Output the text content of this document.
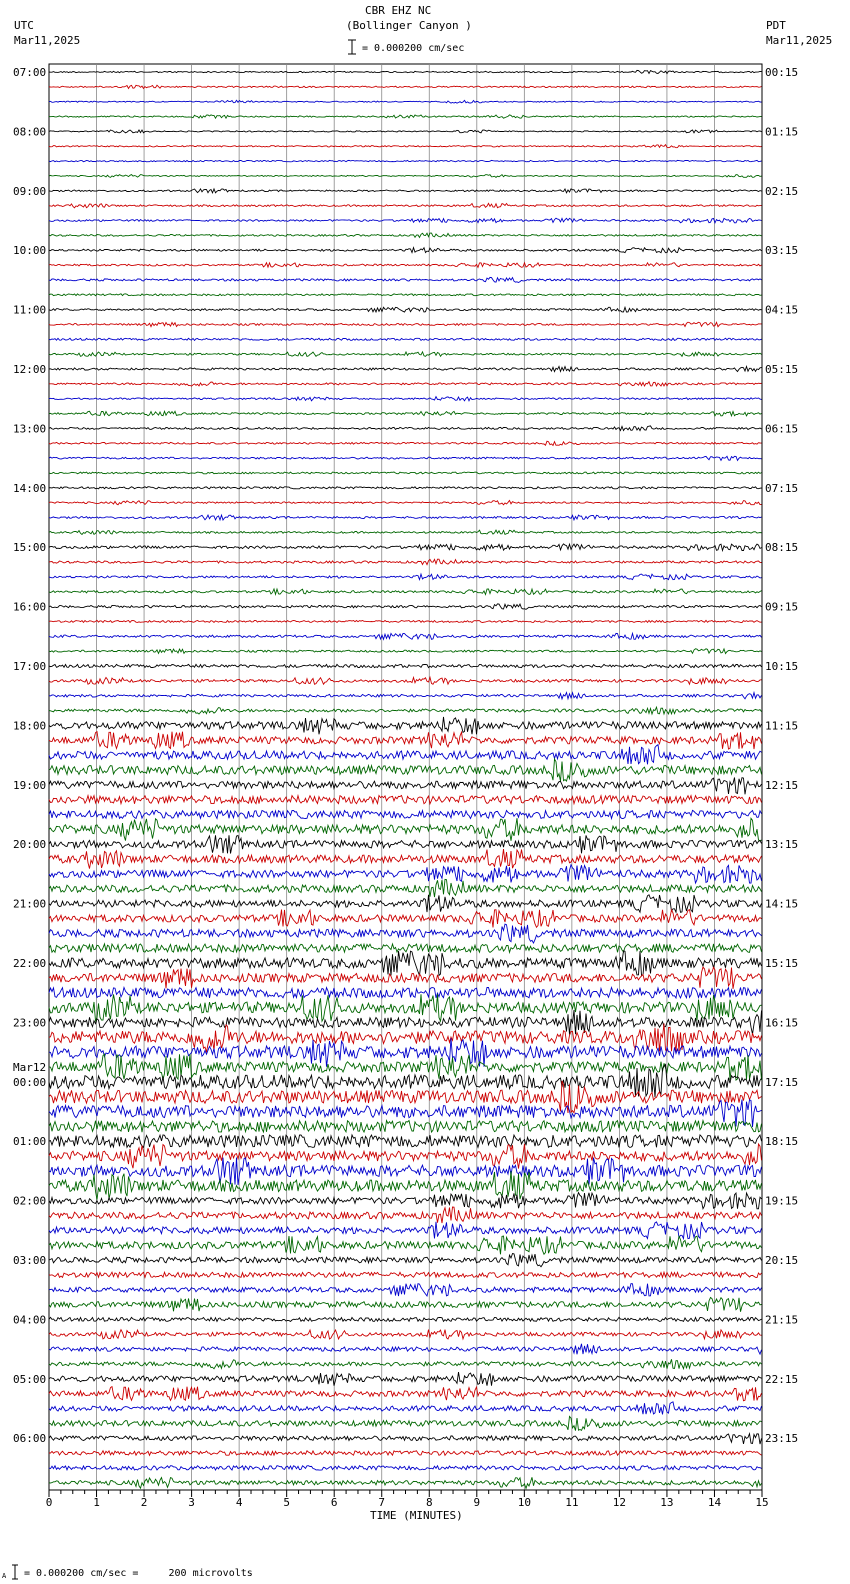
CBR EHZ NC
(Bollinger Canyon )
UTC
Mar11,2025
PDT
Mar11,2025
= 0.000200 cm/sec
= 0.000200 cm/sec =     200 microvolts
A
TIME (MINUTES)
Mar12
07:00	00:15
08:00	01:15
09:00	02:15
10:00	03:15
11:00	04:15
12:00	05:15
13:00	06:15
14:00	07:15
15:00	08:15
16:00	09:15
17:00	10:15
18:00	11:15
19:00	12:15
20:00	13:15
21:00	14:15
22:00	15:15
23:00	16:15
00:00	17:15
01:00	18:15
02:00	19:15
03:00	20:15
04:00	21:15
05:00	22:15
06:00	23:15
0	1	2	3	4	5	6	7	8	9	10	11	12	13	14	15
